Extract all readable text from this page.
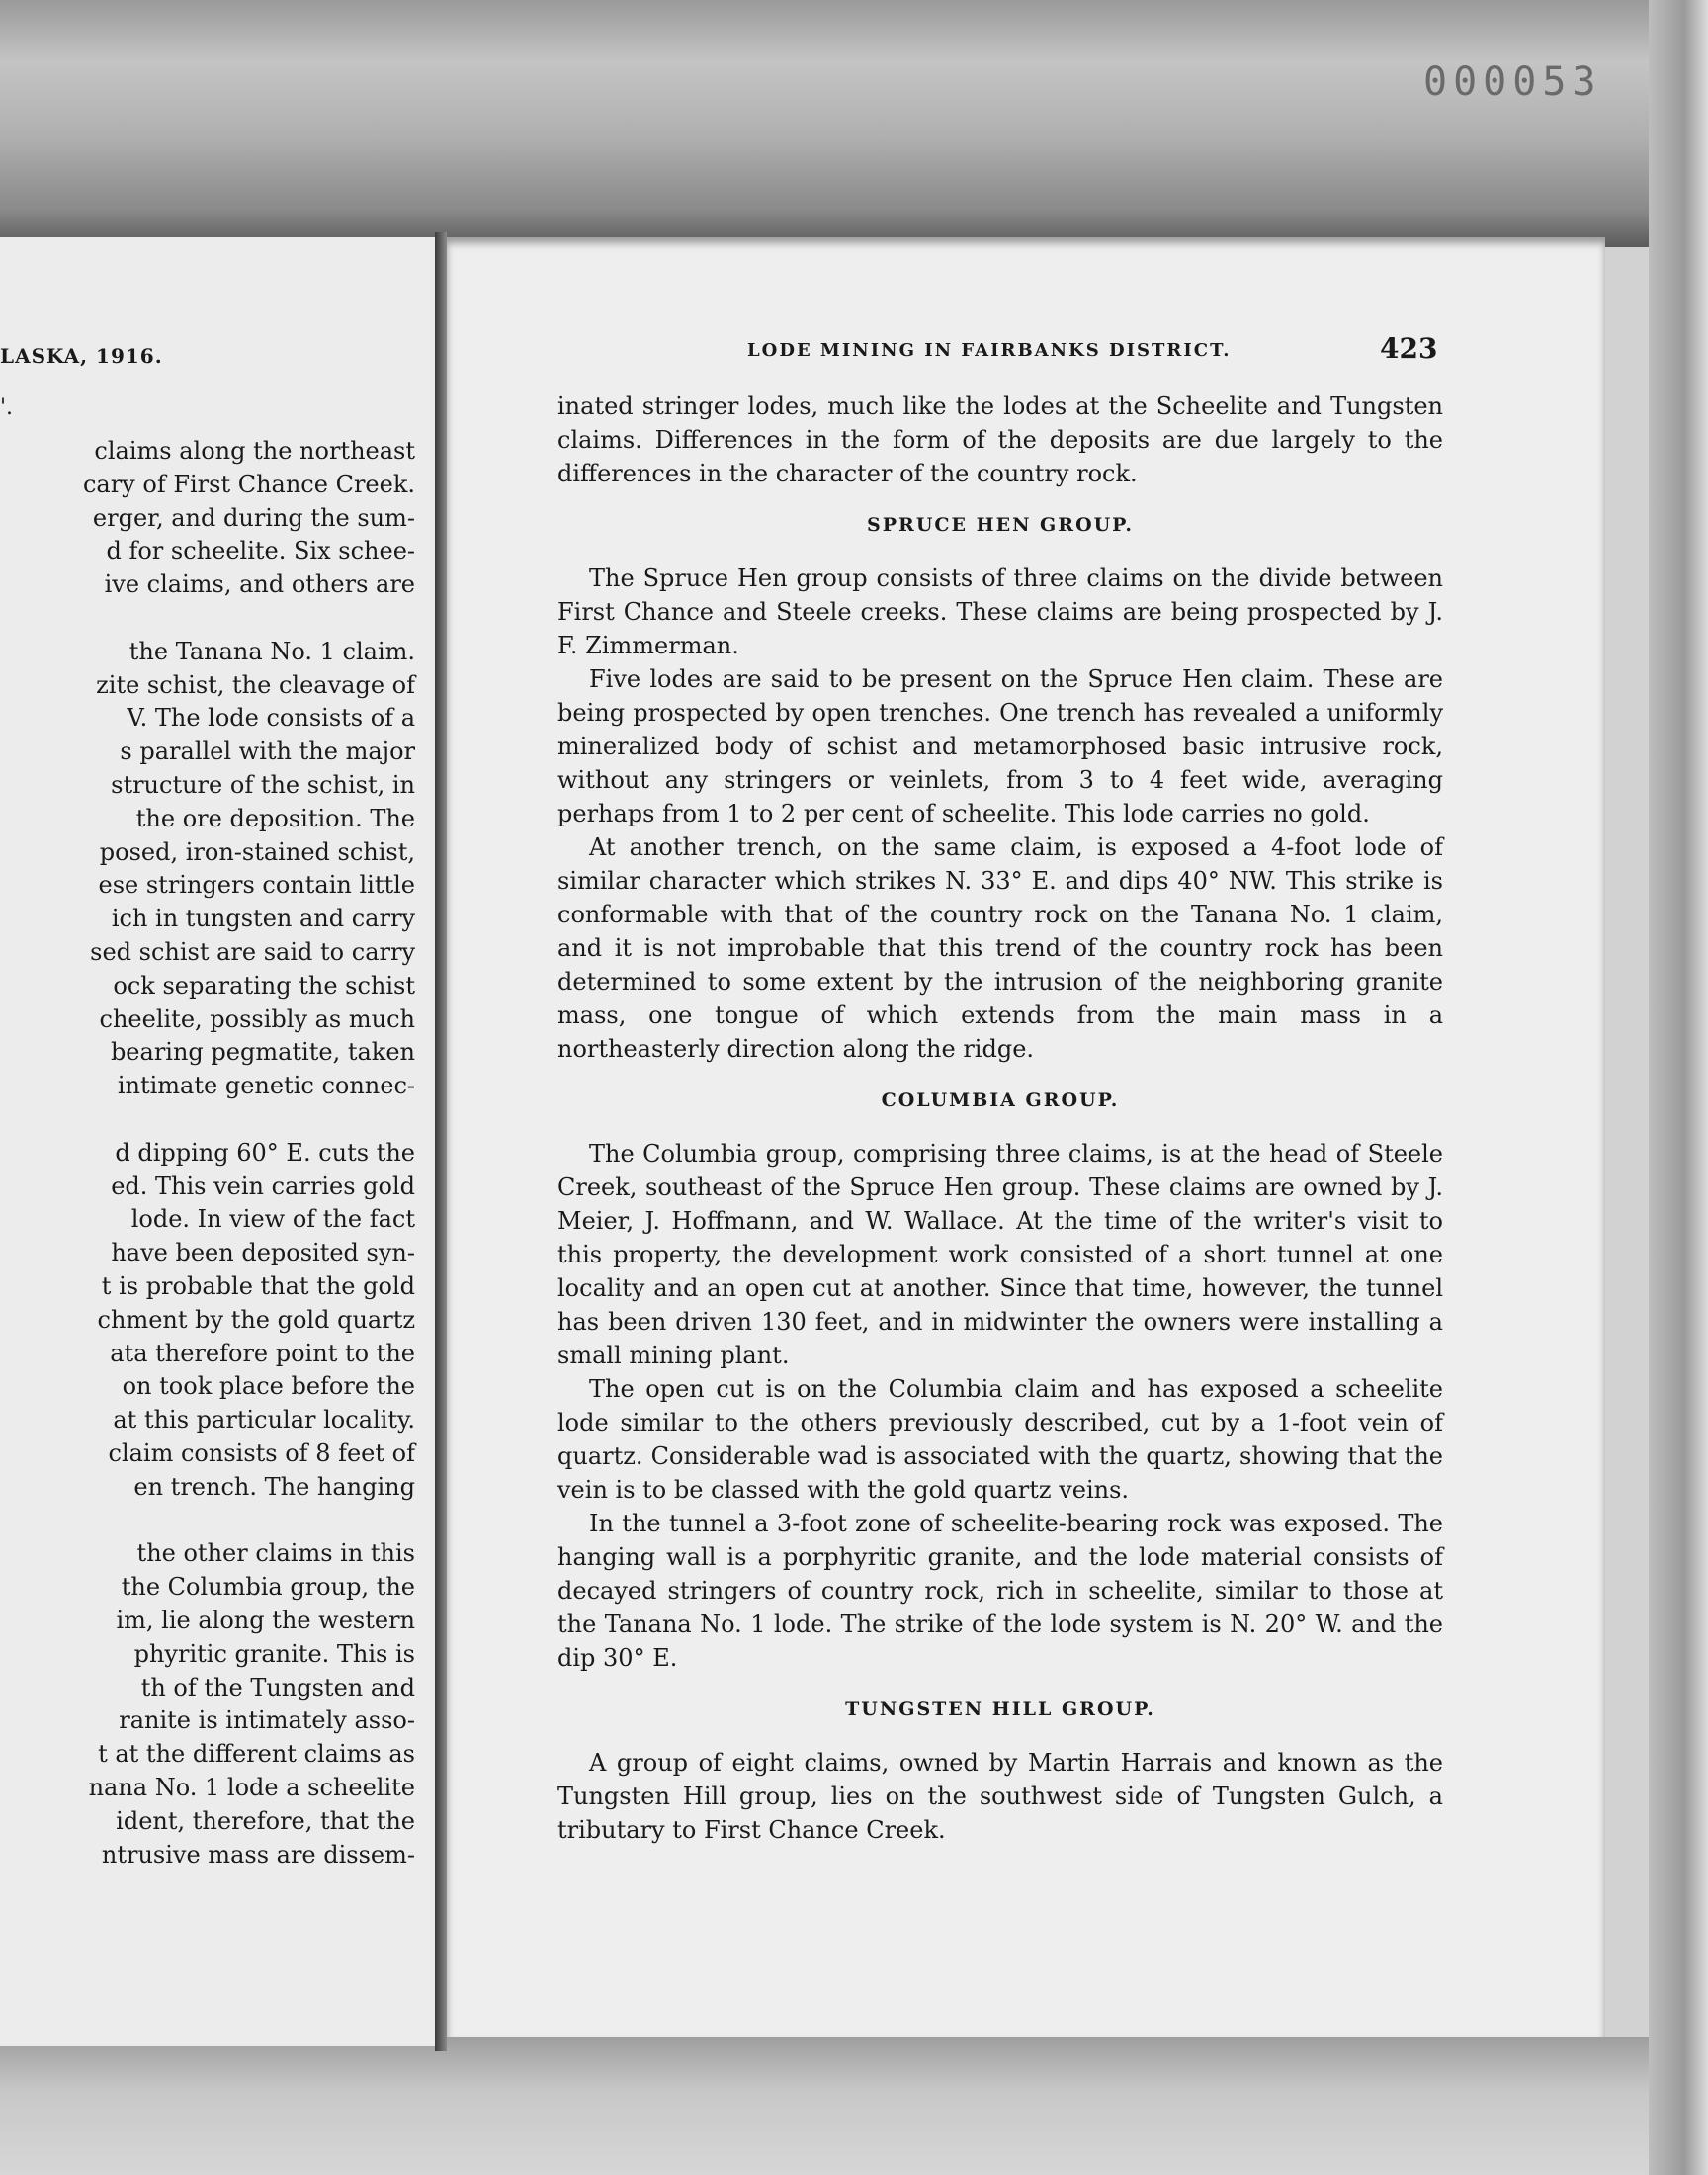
000053
LASKA, 1916.
'.
claims along the northeast
cary of First Chance Creek.
erger, and during the sum-
d for scheelite. Six schee-
ive claims, and others are
the Tanana No. 1 claim.
zite schist, the cleavage of
V. The lode consists of a
s parallel with the major
structure of the schist, in
the ore deposition. The
posed, iron-stained schist,
ese stringers contain little
ich in tungsten and carry
sed schist are said to carry
ock separating the schist
cheelite, possibly as much
bearing pegmatite, taken
intimate genetic connec-
d dipping 60° E. cuts the
ed. This vein carries gold
lode. In view of the fact
have been deposited syn-
t is probable that the gold
chment by the gold quartz
ata therefore point to the
on took place before the
at this particular locality.
claim consists of 8 feet of
en trench. The hanging
the other claims in this
the Columbia group, the
im, lie along the western
phyritic granite. This is
th of the Tungsten and
ranite is intimately asso-
t at the different claims as
nana No. 1 lode a scheelite
ident, therefore, that the
ntrusive mass are dissem-
LODE MINING IN FAIRBANKS DISTRICT.	423

inated stringer lodes, much like the lodes at the Scheelite and Tungsten claims. Differences in the form of the deposits are due largely to the differences in the character of the country rock.

SPRUCE HEN GROUP.

The Spruce Hen group consists of three claims on the divide between First Chance and Steele creeks. These claims are being prospected by J. F. Zimmerman.

Five lodes are said to be present on the Spruce Hen claim. These are being prospected by open trenches. One trench has revealed a uniformly mineralized body of schist and metamorphosed basic intrusive rock, without any stringers or veinlets, from 3 to 4 feet wide, averaging perhaps from 1 to 2 per cent of scheelite. This lode carries no gold.

At another trench, on the same claim, is exposed a 4-foot lode of similar character which strikes N. 33° E. and dips 40° NW. This strike is conformable with that of the country rock on the Tanana No. 1 claim, and it is not improbable that this trend of the country rock has been determined to some extent by the intrusion of the neighboring granite mass, one tongue of which extends from the main mass in a northeasterly direction along the ridge.

COLUMBIA GROUP.

The Columbia group, comprising three claims, is at the head of Steele Creek, southeast of the Spruce Hen group. These claims are owned by J. Meier, J. Hoffmann, and W. Wallace. At the time of the writer's visit to this property, the development work consisted of a short tunnel at one locality and an open cut at another. Since that time, however, the tunnel has been driven 130 feet, and in midwinter the owners were installing a small mining plant.

The open cut is on the Columbia claim and has exposed a scheelite lode similar to the others previously described, cut by a 1-foot vein of quartz. Considerable wad is associated with the quartz, showing that the vein is to be classed with the gold quartz veins.

In the tunnel a 3-foot zone of scheelite-bearing rock was exposed. The hanging wall is a porphyritic granite, and the lode material consists of decayed stringers of country rock, rich in scheelite, similar to those at the Tanana No. 1 lode. The strike of the lode system is N. 20° W. and the dip 30° E.

TUNGSTEN HILL GROUP.

A group of eight claims, owned by Martin Harrais and known as the Tungsten Hill group, lies on the southwest side of Tungsten Gulch, a tributary to First Chance Creek.
